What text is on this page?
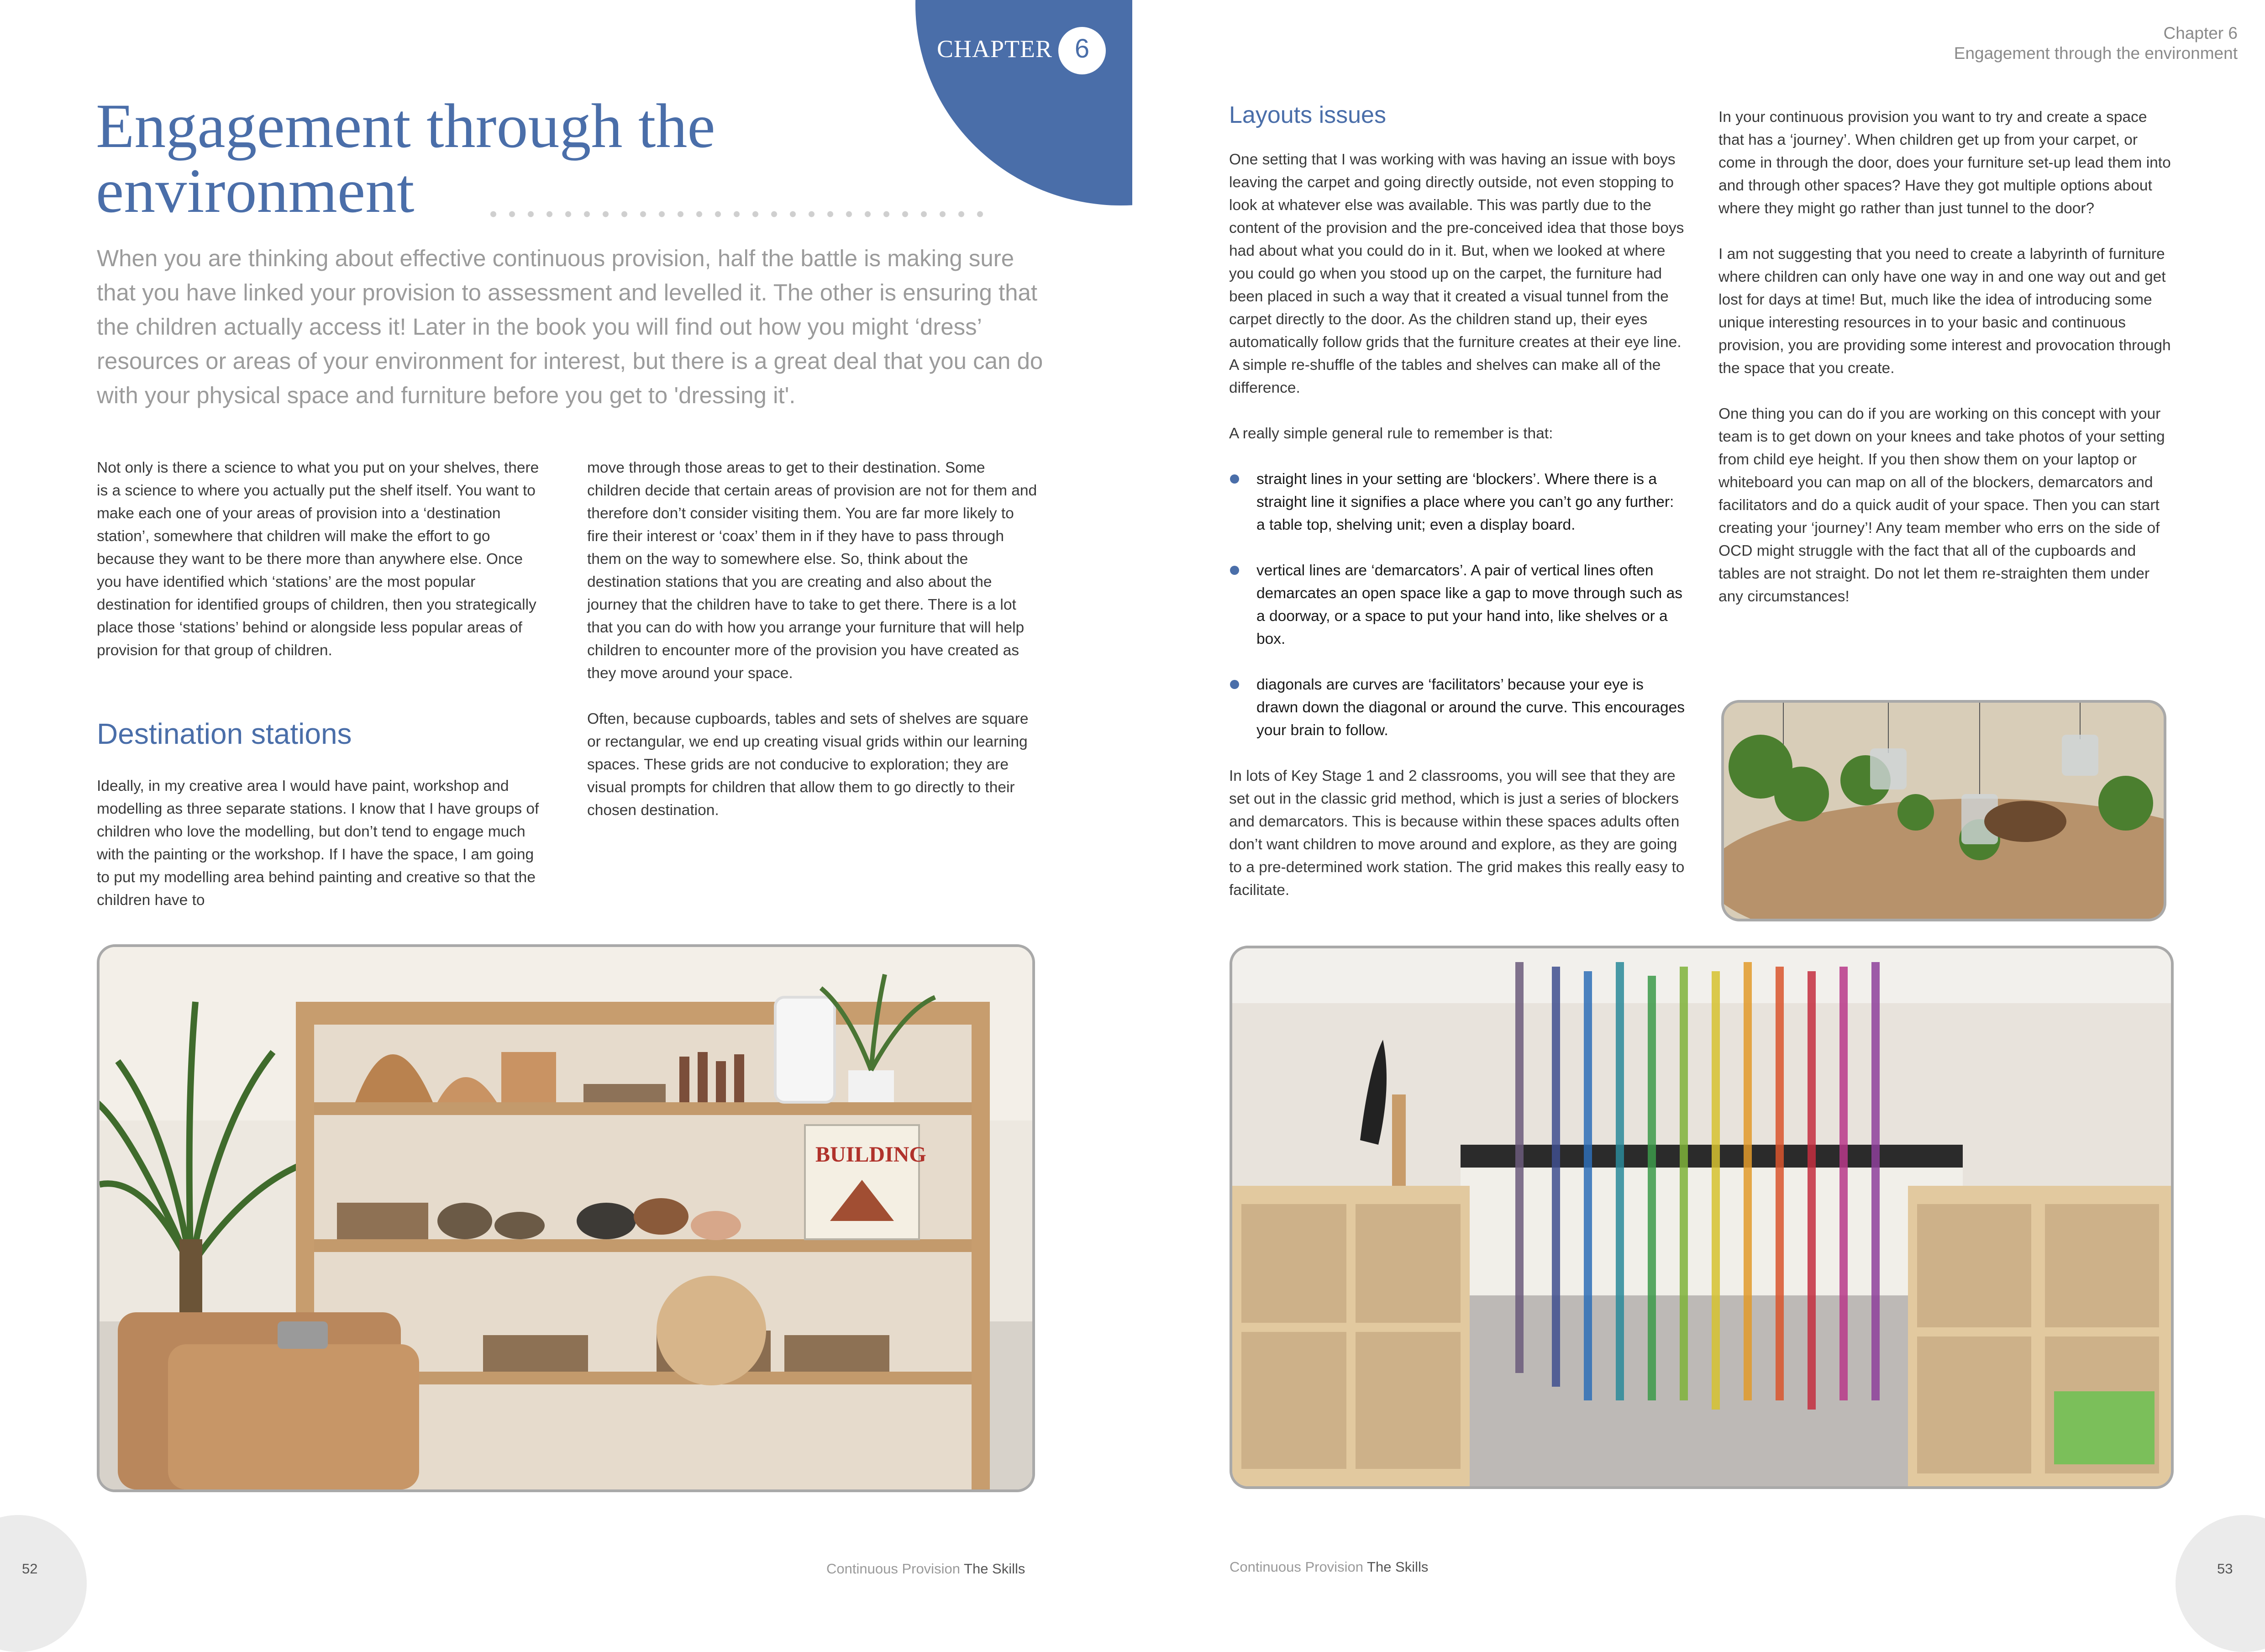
CHAPTER 6
Chapter 6
Engagement through the environment
Engagement through the
environment

When you are thinking about effective continuous provision, half the battle is making sure that you have linked your provision to assessment and levelled it. The other is ensuring that the children actually access it! Later in the book you will find out how you might ‘dress’ resources or areas of your environment for interest, but there is a great deal that you can do with your physical space and furniture before you get to 'dressing it'.

Not only is there a science to what you put on your shelves, there is a science to where you actually put the shelf itself. You want to make each one of your areas of provision into a ‘destination station’, somewhere that children will make the effort to go because they want to be there more than anywhere else. Once you have identified which ‘stations’ are the most popular destination for identified groups of children, then you strategically place those ‘stations’ behind or alongside less popular areas of provision for that group of children.

Destination stations

Ideally, in my creative area I would have paint, workshop and modelling as three separate stations. I know that I have groups of children who love the modelling, but don’t tend to engage much with the painting or the workshop. If I have the space, I am going to put my modelling area behind painting and creative so that the children have to

move through those areas to get to their destination. Some children decide that certain areas of provision are not for them and therefore don’t consider visiting them. You are far more likely to fire their interest or ‘coax’ them in if they have to pass through them on the way to somewhere else. So, think about the destination stations that you are creating and also about the journey that the children have to take to get there. There is a lot that you can do with how you arrange your furniture that will help children to encounter more of the provision you have created as they move around your space.

Often, because cupboards, tables and sets of shelves are square or rectangular, we end up creating visual grids within our learning spaces. These grids are not conducive to exploration; they are visual prompts for children that allow them to go directly to their chosen destination.

BUILDING
Layouts issues

One setting that I was working with was having an issue with boys leaving the carpet and going directly outside, not even stopping to look at whatever else was available. This was partly due to the content of the provision and the pre-conceived idea that those boys had about what you could do in it. But, when we looked at where you could go when you stood up on the carpet, the furniture had been placed in such a way that it created a visual tunnel from the carpet directly to the door. As the children stand up, their eyes automatically follow grids that the furniture creates at their eye line. A simple re-shuffle of the tables and shelves can make all of the difference.

A really simple general rule to remember is that:

straight lines in your setting are ‘blockers’. Where there is a straight line it signifies a place where you can’t go any further: a table top, shelving unit; even a display board.
vertical lines are ‘demarcators’. A pair of vertical lines often demarcates an open space like a gap to move through such as a doorway, or a space to put your hand into, like shelves or a box.
diagonals are curves are ‘facilitators’ because your eye is drawn down the diagonal or around the curve. This encourages your brain to follow.

In lots of Key Stage 1 and 2 classrooms, you will see that they are set out in the classic grid method, which is just a series of blockers and demarcators. This is because within these spaces adults often don’t want children to move around and explore, as they are going to a pre-determined work station. The grid makes this really easy to facilitate.

In your continuous provision you want to try and create a space that has a ‘journey’. When children get up from your carpet, or come in through the door, does your furniture set-up lead them into and through other spaces? Have they got multiple options about where they might go rather than just tunnel to the door?

I am not suggesting that you need to create a labyrinth of furniture where children can only have one way in and one way out and get lost for days at time! But, much like the idea of introducing some unique interesting resources in to your basic and continuous provision, you are providing some interest and provocation through the space that you create.

One thing you can do if you are working on this concept with your team is to get down on your knees and take photos of your setting from child eye height. If you then show them on your laptop or whiteboard you can map on all of the blockers, demarcators and facilitators and do a quick audit of your space. Then you can start creating your ‘journey’! Any team member who errs on the side of OCD might struggle with the fact that all of the cupboards and tables are not straight. Do not let them re-straighten them under any circumstances!

52	53
Continuous Provision The Skills	Continuous Provision The Skills
